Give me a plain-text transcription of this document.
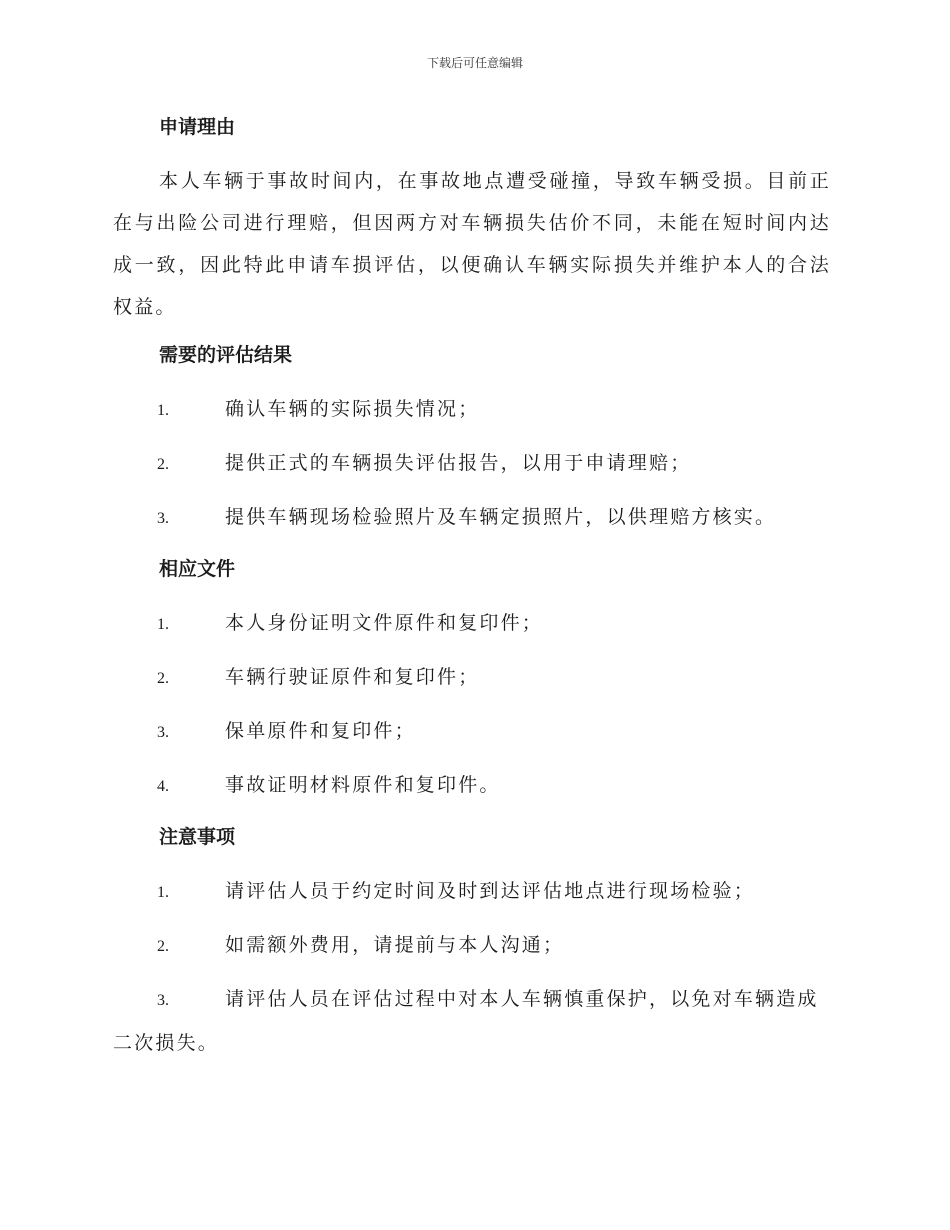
下载后可任意编辑
申请理由
本人车辆于事故时间内，在事故地点遭受碰撞，导致车辆受损。目前正在与出险公司进行理赔，但因两方对车辆损失估价不同，未能在短时间内达成一致，因此特此申请车损评估，以便确认车辆实际损失并维护本人的合法权益。
需要的评估结果
1.	确认车辆的实际损失情况；
2.	提供正式的车辆损失评估报告，以用于申请理赔；
3.	提供车辆现场检验照片及车辆定损照片，以供理赔方核实。
相应文件
1.	本人身份证明文件原件和复印件；
2.	车辆行驶证原件和复印件；
3.	保单原件和复印件；
4.	事故证明材料原件和复印件。
注意事项
1.	请评估人员于约定时间及时到达评估地点进行现场检验；
2.	如需额外费用，请提前与本人沟通；
3.	请评估人员在评估过程中对本人车辆慎重保护，以免对车辆造成二次损失。
